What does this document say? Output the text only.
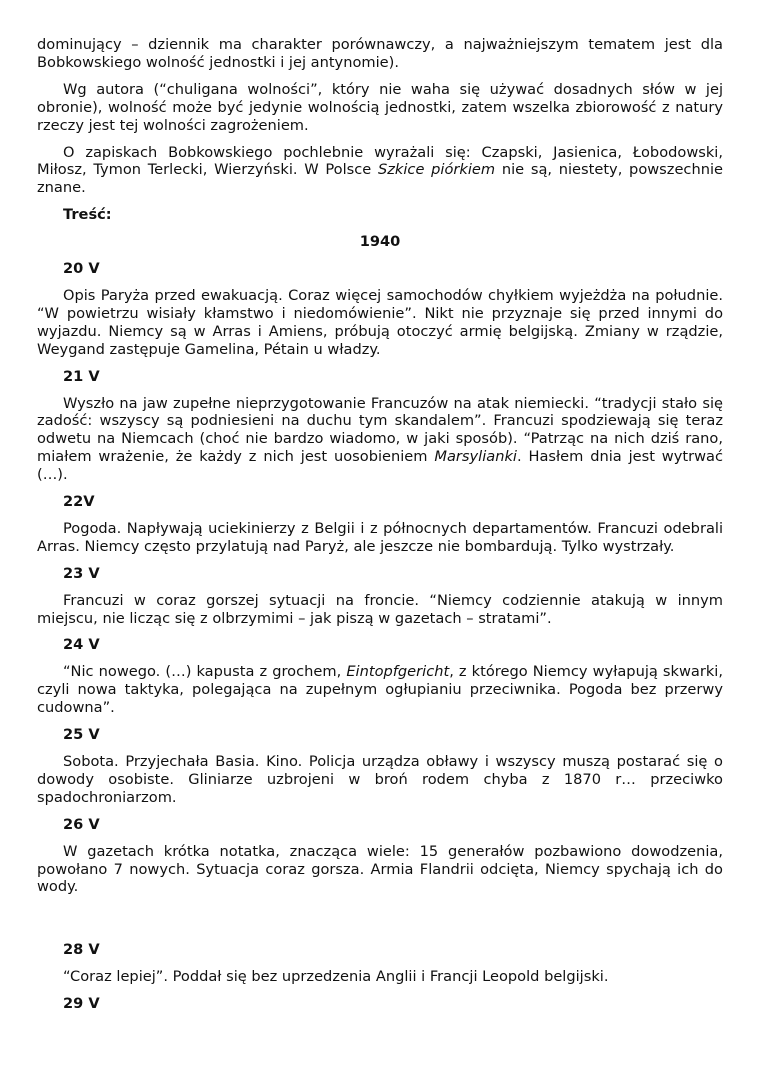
dominujący – dziennik ma charakter porównawczy, a najważniejszym tematem jest dla Bobkowskiego wolność jednostki i jej antynomie).

Wg autora (“chuligana wolności”, który nie waha się używać dosadnych słów w jej obronie), wolność może być jedynie wolnością jednostki, zatem wszelka zbiorowość z natury rzeczy jest tej wolności zagrożeniem.

O zapiskach Bobkowskiego pochlebnie wyrażali się: Czapski, Jasienica, Łobodowski, Miłosz, Tymon Terlecki, Wierzyński. W Polsce Szkice piórkiem nie są, niestety, powszechnie znane.

Treść:
1940
20 V

Opis Paryża przed ewakuacją. Coraz więcej samochodów chyłkiem wyjeżdża na południe. “W powietrzu wisiały kłamstwo i niedomówienie”. Nikt nie przyznaje się przed innymi do wyjazdu. Niemcy są w Arras i Amiens, próbują otoczyć armię belgijską. Zmiany w rządzie, Weygand zastępuje Gamelina, Pétain u władzy.

21 V

Wyszło na jaw zupełne nieprzygotowanie Francuzów na atak niemiecki. “tradycji stało się zadość: wszyscy są podniesieni na duchu tym skandalem”. Francuzi spodziewają się teraz odwetu na Niemcach (choć nie bardzo wiadomo, w jaki sposób). “Patrząc na nich dziś rano, miałem wrażenie, że każdy z nich jest uosobieniem Marsylianki. Hasłem dnia jest wytrwać (…).

22V

Pogoda. Napływają uciekinierzy z Belgii i z północnych departamentów. Francuzi odebrali Arras. Niemcy często przylatują nad Paryż, ale jeszcze nie bombardują. Tylko wystrzały.

23 V

Francuzi w coraz gorszej sytuacji na froncie. “Niemcy codziennie atakują w innym miejscu, nie licząc się z olbrzymimi – jak piszą w gazetach – stratami”.

24 V

“Nic nowego. (…) kapusta z grochem, Eintopfgericht, z którego Niemcy wyłapują skwarki, czyli nowa taktyka, polegająca na zupełnym ogłupianiu przeciwnika. Pogoda bez przerwy cudowna”.

25 V

Sobota. Przyjechała Basia. Kino. Policja urządza obławy i wszyscy muszą postarać się o dowody osobiste. Gliniarze uzbrojeni w broń rodem chyba z 1870 r… przeciwko spadochroniarzom.

26 V

W gazetach krótka notatka, znacząca wiele: 15 generałów pozbawiono dowodzenia, powołano 7 nowych. Sytuacja coraz gorsza. Armia Flandrii odcięta, Niemcy spychają ich do wody.

28 V

“Coraz lepiej”. Poddał się bez uprzedzenia Anglii i Francji Leopold belgijski.

29 V
